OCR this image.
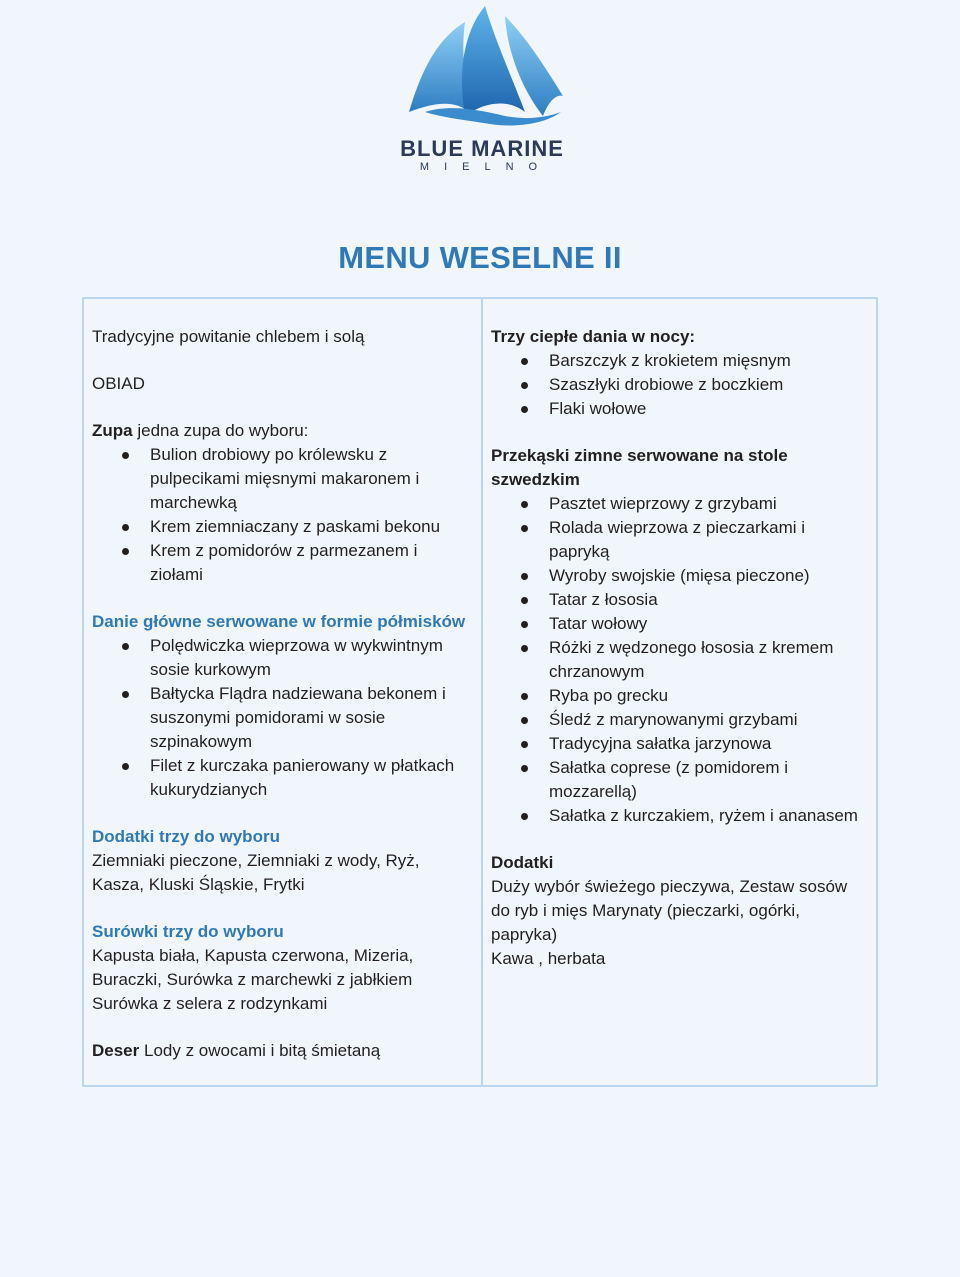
BLUE MARINE
MIELNO
MENU WESELNE II
Tradycyjne powitanie chlebem i solą
OBIAD
Zupa jedna zupa do wyboru:
Bulion drobiowy po królewsku z pulpecikami mięsnymi makaronem i marchewką
Krem ziemniaczany z paskami bekonu
Krem z pomidorów z parmezanem i ziołami
Danie główne serwowane w formie półmisków
Polędwiczka wieprzowa w wykwintnym sosie kurkowym
Bałtycka Flądra nadziewana bekonem i suszonymi pomidorami w sosie szpinakowym
Filet z kurczaka panierowany w płatkach kukurydzianych
Dodatki trzy do wyboru
Ziemniaki pieczone, Ziemniaki z wody, Ryż,
Kasza, Kluski Śląskie, Frytki
Surówki trzy do wyboru
Kapusta biała, Kapusta czerwona, Mizeria,
Buraczki, Surówka z marchewki z jabłkiem
Surówka z selera z rodzynkami
Deser Lody z owocami i bitą śmietaną
Trzy ciepłe dania w nocy:
Barszczyk z krokietem mięsnym
Szaszłyki drobiowe z boczkiem
Flaki wołowe
Przekąski zimne serwowane na stole szwedzkim
Pasztet wieprzowy z grzybami
Rolada wieprzowa z pieczarkami i papryką
Wyroby swojskie (mięsa pieczone)
Tatar z łososia
Tatar wołowy
Różki z wędzonego łososia z kremem chrzanowym
Ryba po grecku
Śledź z marynowanymi grzybami
Tradycyjna sałatka jarzynowa
Sałatka coprese (z pomidorem i mozzarellą)
Sałatka z kurczakiem, ryżem i ananasem
Dodatki
Duży wybór świeżego pieczywa, Zestaw sosów do ryb i mięs Marynaty (pieczarki, ogórki, papryka)
Kawa , herbata
